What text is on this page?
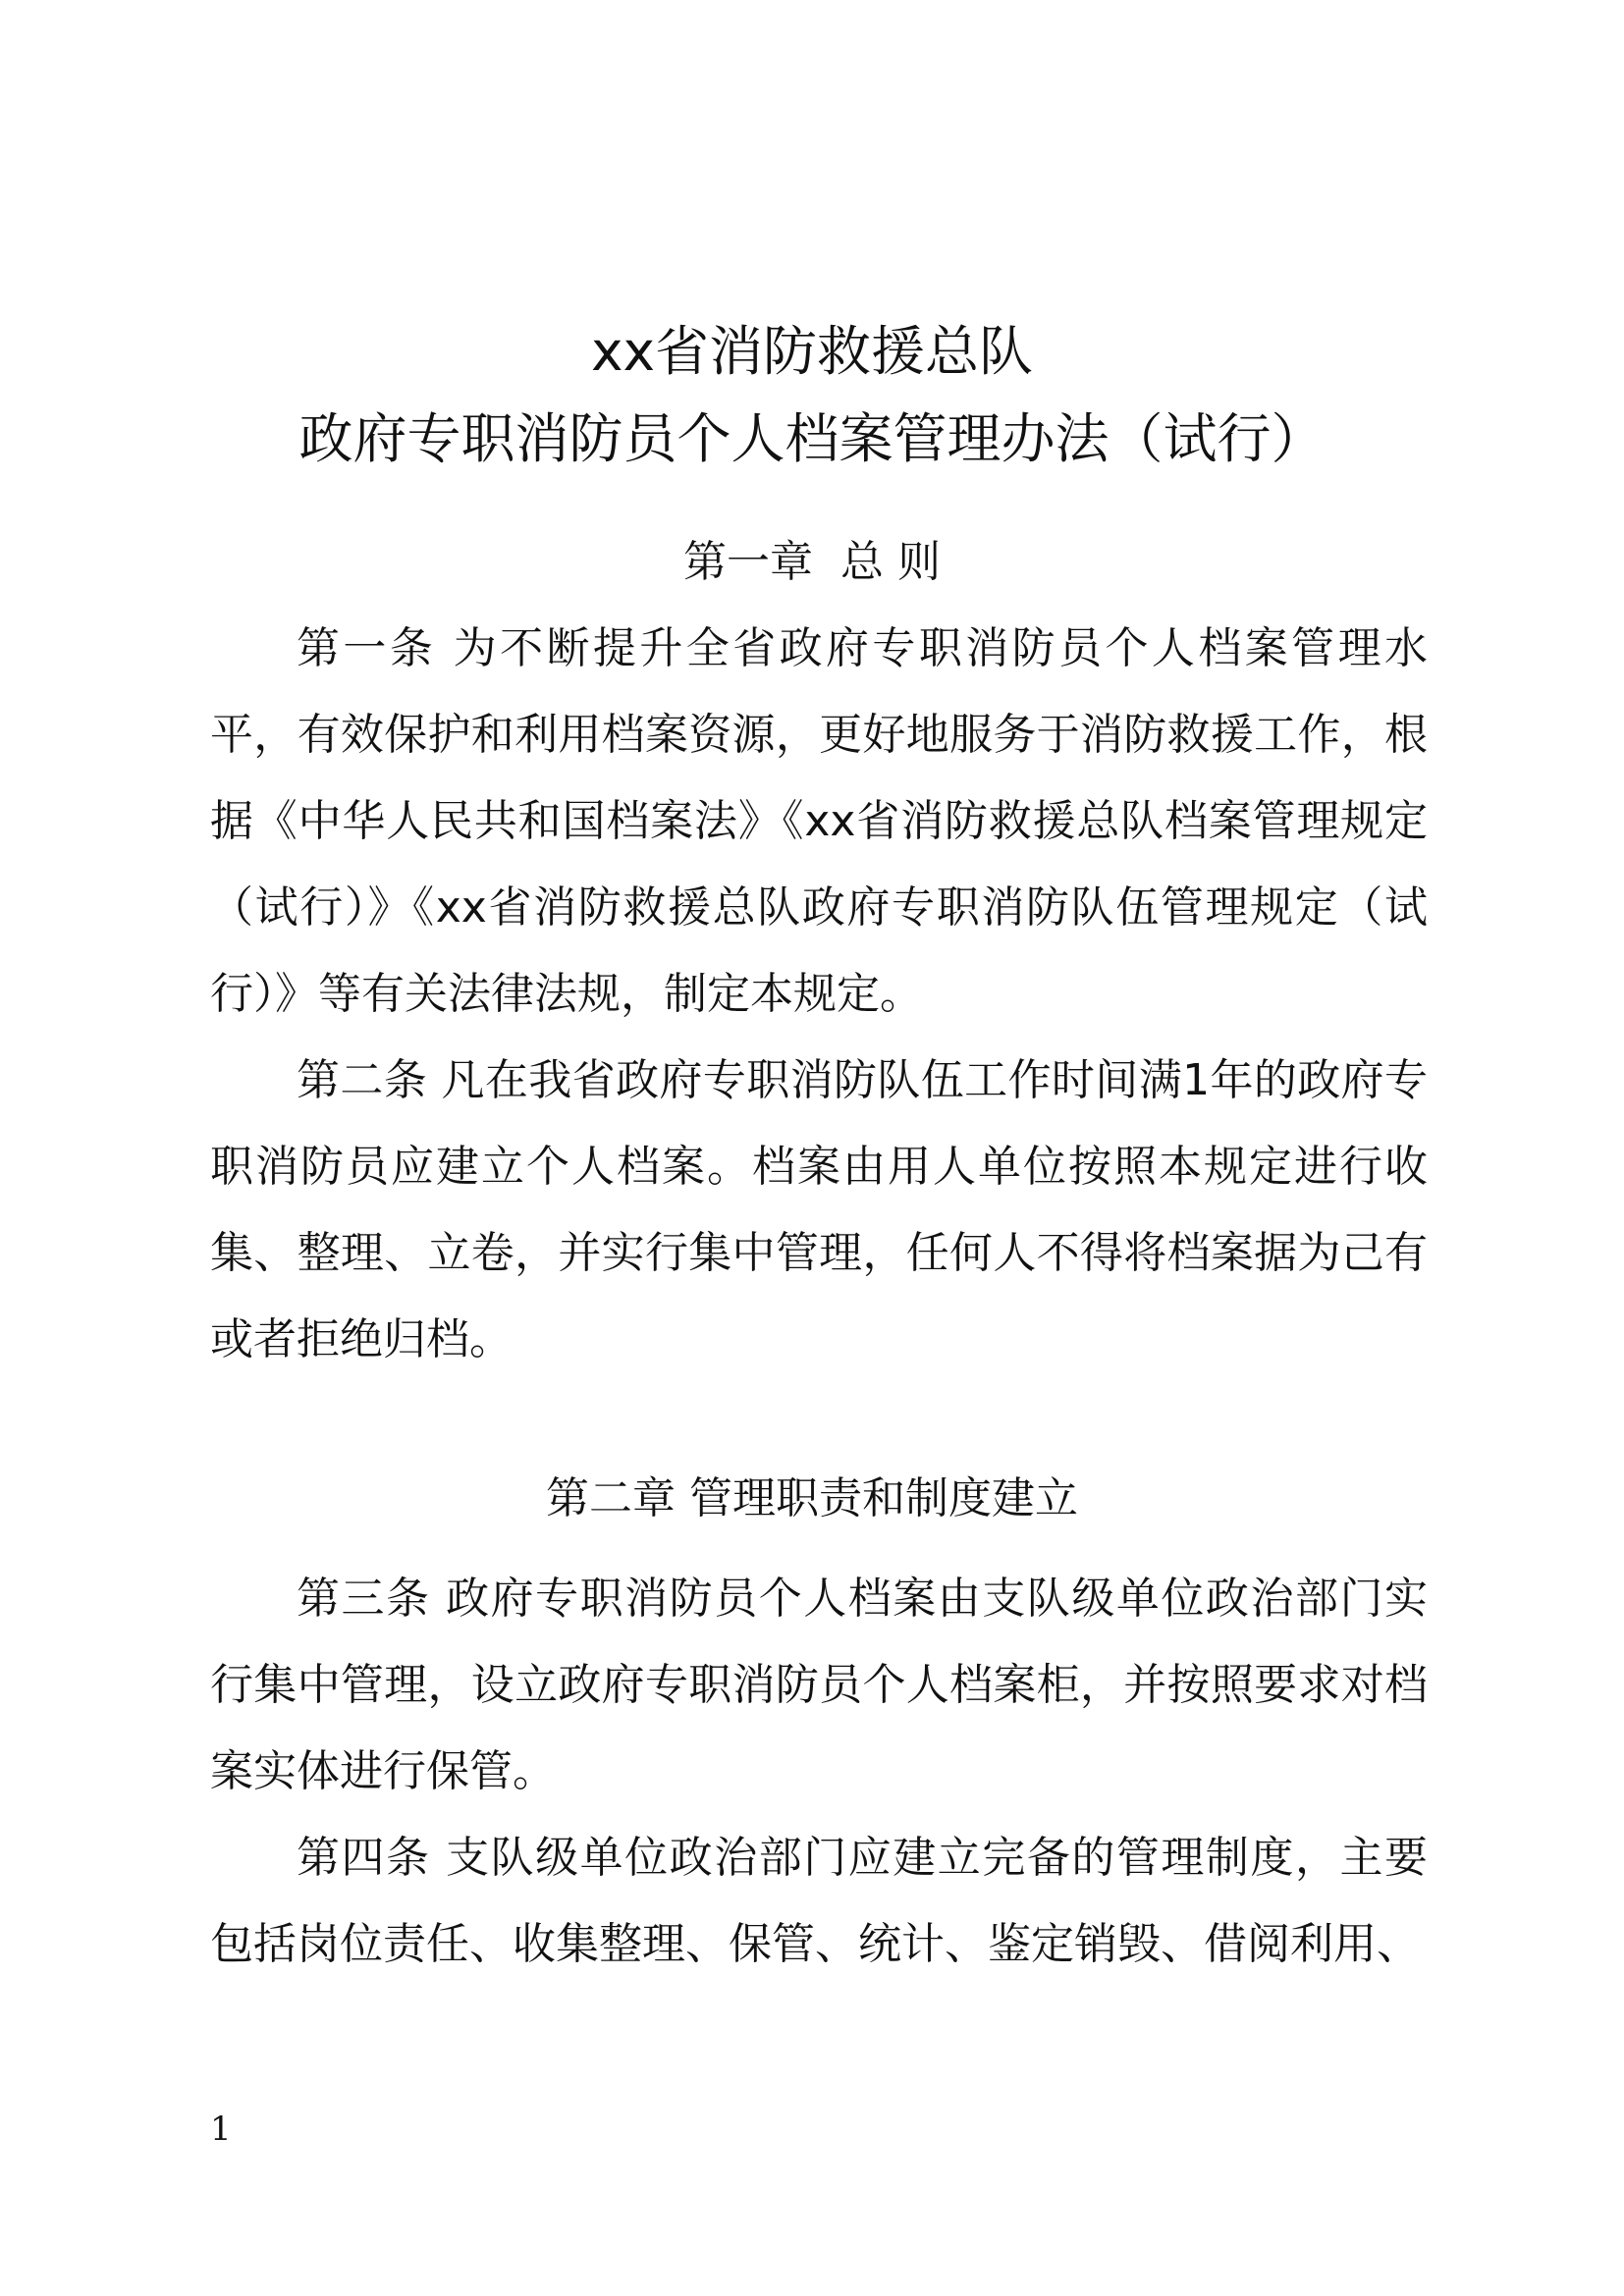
xx省消防救援总队
政府专职消防员个人档案管理办法（试行）
第一章  总 则

第一条 为不断提升全省政府专职消防员个人档案管理水平，有效保护和利用档案资源，更好地服务于消防救援工作，根据《中华人民共和国档案法》《xx省消防救援总队档案管理规定（试行）》《xx省消防救援总队政府专职消防队伍管理规定（试行）》等有关法律法规，制定本规定。

第二条 凡在我省政府专职消防队伍工作时间满1年的政府专职消防员应建立个人档案。档案由用人单位按照本规定进行收集、整理、立卷，并实行集中管理，任何人不得将档案据为己有或者拒绝归档。

第二章 管理职责和制度建立

第三条 政府专职消防员个人档案由支队级单位政治部门实行集中管理，设立政府专职消防员个人档案柜，并按照要求对档案实体进行保管。

第四条 支队级单位政治部门应建立完备的管理制度，主要包括岗位责任、收集整理、保管、统计、鉴定销毁、借阅利用、

1
